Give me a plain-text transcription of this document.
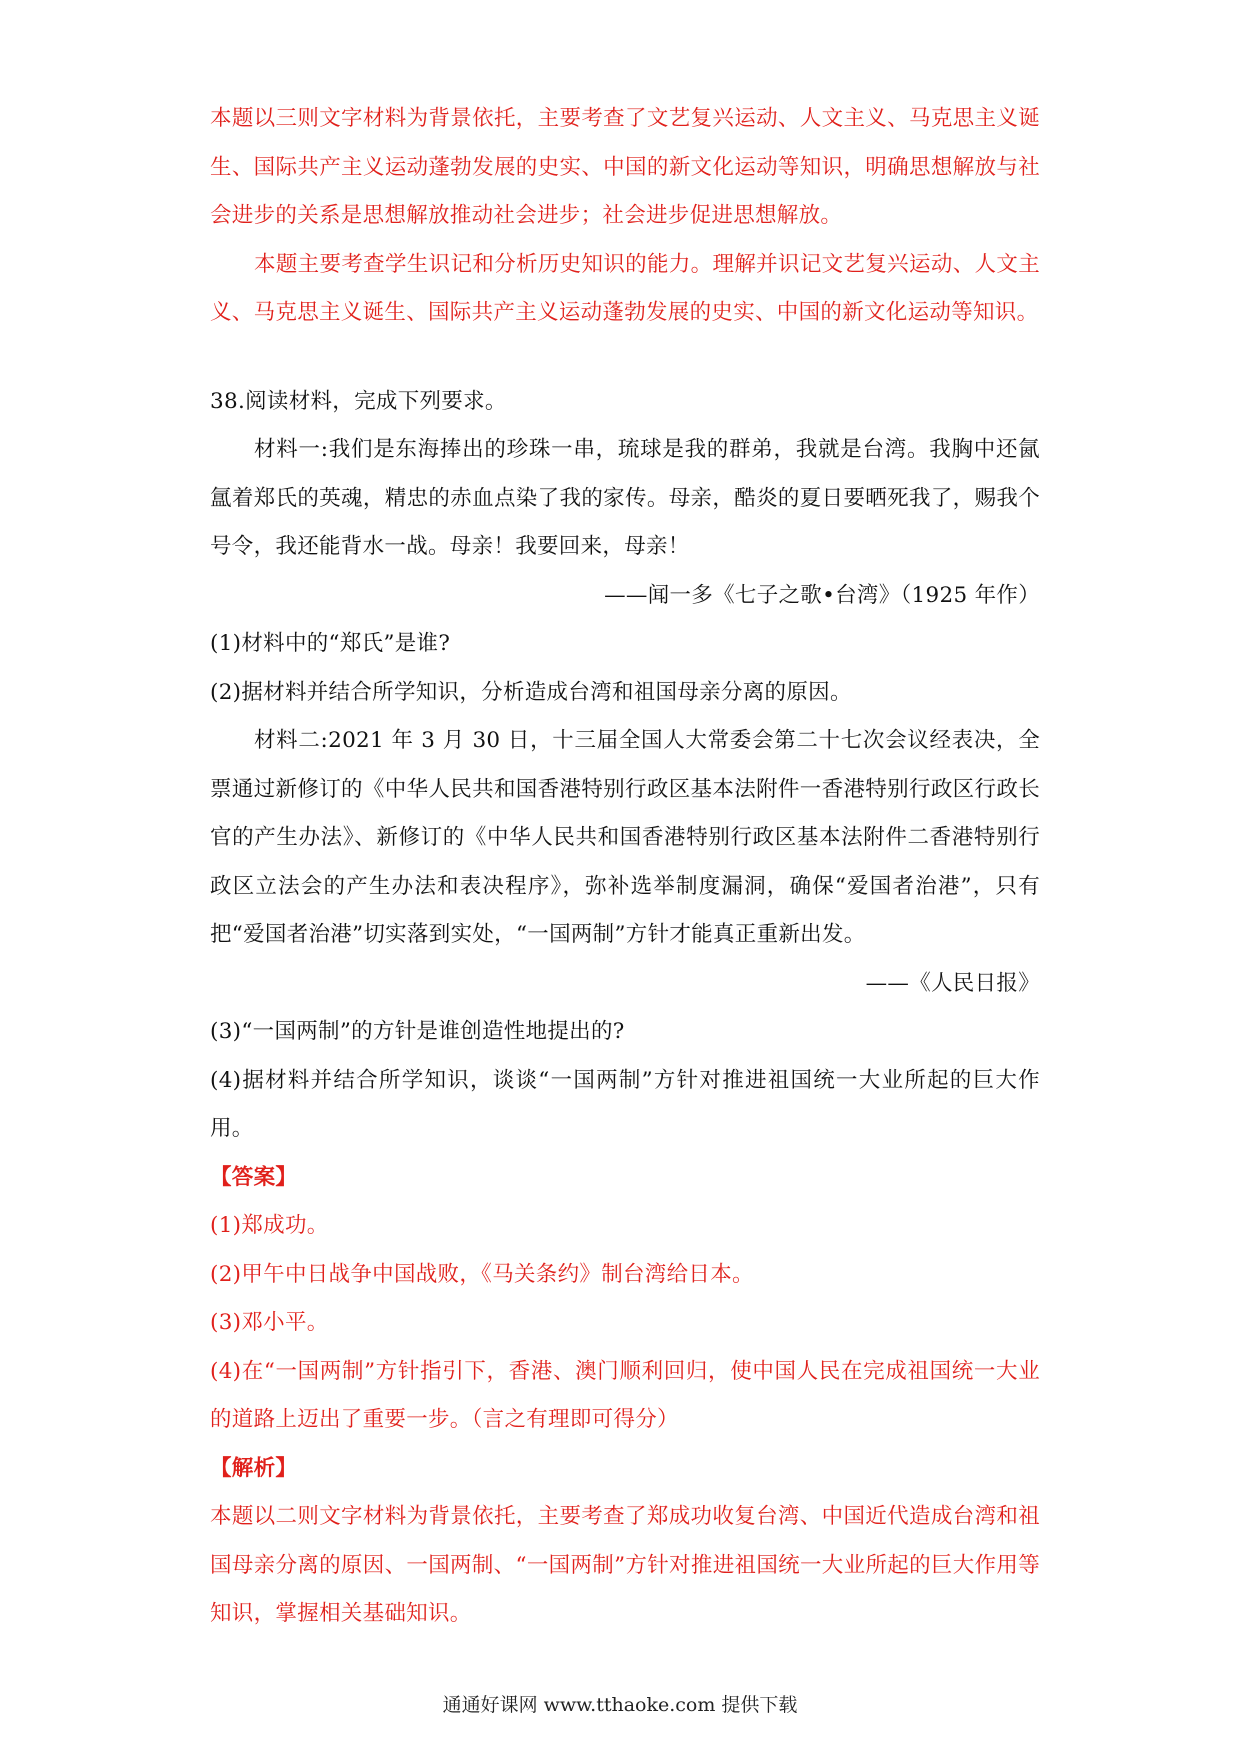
本题以三则文字材料为背景依托，主要考查了文艺复兴运动、人文主义、马克思主义诞生、国际共产主义运动蓬勃发展的史实、中国的新文化运动等知识，明确思想解放与社会进步的关系是思想解放推动社会进步；社会进步促进思想解放。

本题主要考查学生识记和分析历史知识的能力。理解并识记文艺复兴运动、人文主义、马克思主义诞生、国际共产主义运动蓬勃发展的史实、中国的新文化运动等知识。

38.阅读材料，完成下列要求。

材料一:我们是东海捧出的珍珠一串，琉球是我的群弟，我就是台湾。我胸中还氤氲着郑氏的英魂，精忠的赤血点染了我的家传。母亲，酷炎的夏日要晒死我了，赐我个号令，我还能背水一战。母亲！我要回来，母亲！

——闻一多《七子之歌•台湾》（1925 年作）

(1)材料中的“郑氏”是谁?

(2)据材料并结合所学知识，分析造成台湾和祖国母亲分离的原因。

材料二:2021 年 3 月 30 日，十三届全国人大常委会第二十七次会议经表决，全票通过新修订的《中华人民共和国香港特别行政区基本法附件一香港特别行政区行政长官的产生办法》、新修订的《中华人民共和国香港特别行政区基本法附件二香港特别行政区立法会的产生办法和表决程序》，弥补选举制度漏洞，确保“爱国者治港”，只有把“爱国者治港”切实落到实处，“一国两制”方针才能真正重新出发。

——《人民日报》

(3)“一国两制”的方针是谁创造性地提出的?

(4)据材料并结合所学知识，谈谈“一国两制”方针对推进祖国统一大业所起的巨大作用。

【答案】

(1)郑成功。

(2)甲午中日战争中国战败，《马关条约》制台湾给日本。

(3)邓小平。

(4)在“一国两制”方针指引下，香港、澳门顺利回归，使中国人民在完成祖国统一大业的道路上迈出了重要一步。（言之有理即可得分）

【解析】

本题以二则文字材料为背景依托，主要考查了郑成功收复台湾、中国近代造成台湾和祖国母亲分离的原因、一国两制、“一国两制”方针对推进祖国统一大业所起的巨大作用等知识，掌握相关基础知识。

通通好课网 www.tthaoke.com 提供下载
